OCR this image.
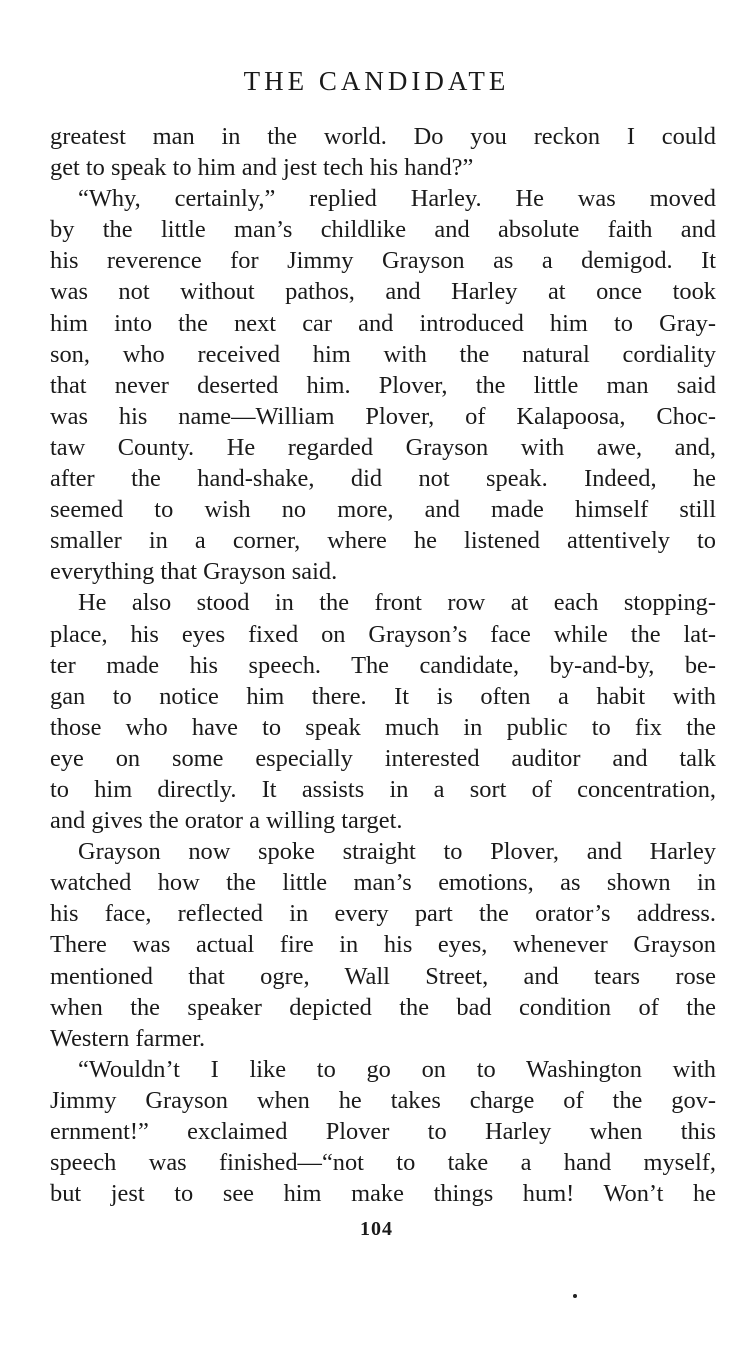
THE CANDIDATE
greatest man in the world. Do you reckon I could
get to speak to him and jest tech his hand?”
“Why, certainly,” replied Harley. He was moved
by the little man’s childlike and absolute faith and
his reverence for Jimmy Grayson as a demigod. It
was not without pathos, and Harley at once took
him into the next car and introduced him to Gray-
son, who received him with the natural cordiality
that never deserted him. Plover, the little man said
was his name—William Plover, of Kalapoosa, Choc-
taw County. He regarded Grayson with awe, and,
after the hand-shake, did not speak. Indeed, he
seemed to wish no more, and made himself still
smaller in a corner, where he listened attentively to
everything that Grayson said.
He also stood in the front row at each stopping-
place, his eyes fixed on Grayson’s face while the lat-
ter made his speech. The candidate, by-and-by, be-
gan to notice him there. It is often a habit with
those who have to speak much in public to fix the
eye on some especially interested auditor and talk
to him directly. It assists in a sort of concentration,
and gives the orator a willing target.
Grayson now spoke straight to Plover, and Harley
watched how the little man’s emotions, as shown in
his face, reflected in every part the orator’s address.
There was actual fire in his eyes, whenever Grayson
mentioned that ogre, Wall Street, and tears rose
when the speaker depicted the bad condition of the
Western farmer.
“Wouldn’t I like to go on to Washington with
Jimmy Grayson when he takes charge of the gov-
ernment!” exclaimed Plover to Harley when this
speech was finished—“not to take a hand myself,
but jest to see him make things hum! Won’t he
104
